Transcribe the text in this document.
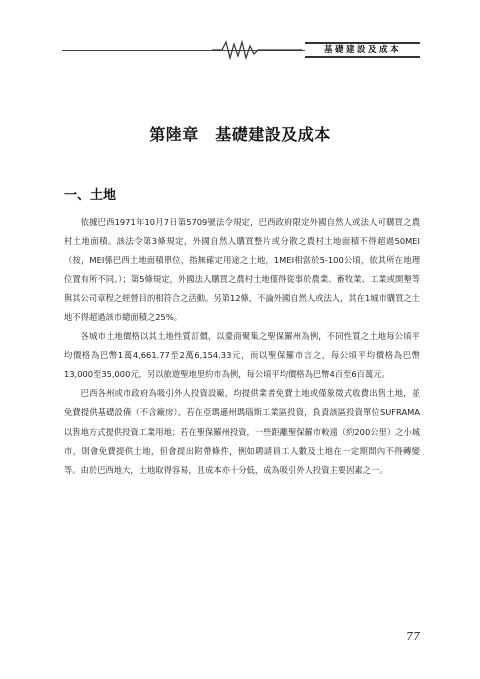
基礎建設及成本
第陸章　基礎建設及成本
一、土地

依據巴西1971年10月7日第5709號法令規定，巴西政府限定外國自然人或法人可購買之農村土地面積。該法令第3條規定，外國自然人購買整片或分散之農村土地面積不得超過50MEI（按，MEI係巴西土地面積單位，指無確定用途之土地，1MEI相當於5-100公頃，依其所在地理位置有所不同。）；第5條規定，外國法人購買之農村土地僅得從事於農業、畜牧業、工業或開墾等與其公司章程之經營目的相符合之活動。另第12條，不論外國自然人或法人，其在1城市購買之土地不得超過該市總面積之25%。

各城市土地價格以其土地性質訂價，以臺商聚集之聖保羅州為例，不同性質之土地每公頃平均價格為巴幣1萬4,661.77至2萬6,154.33元，而以聖保羅市言之，每公頃平均價格為巴幣13,000至35,000元，另以旅遊聖地里約市為例，每公頃平均價格為巴幣4百至6百萬元。

巴西各州或市政府為吸引外人投資設廠，均提供業者免費土地或僅象徵式收費出售土地，並免費提供基礎設備（不含廠房）。若在亞瑪遜州瑪瑙斯工業區投資，負責該區投資單位SUFRAMA以售地方式提供投資工業用地；若在聖保羅州投資，一些距離聖保羅市較遠（約200公里）之小城市，則會免費提供土地，但會提出附帶條件，例如聘請員工人數及土地在一定期間內不得轉變等。由於巴西地大，土地取得容易，且成本亦十分低，成為吸引外人投資主要因素之一。

77
